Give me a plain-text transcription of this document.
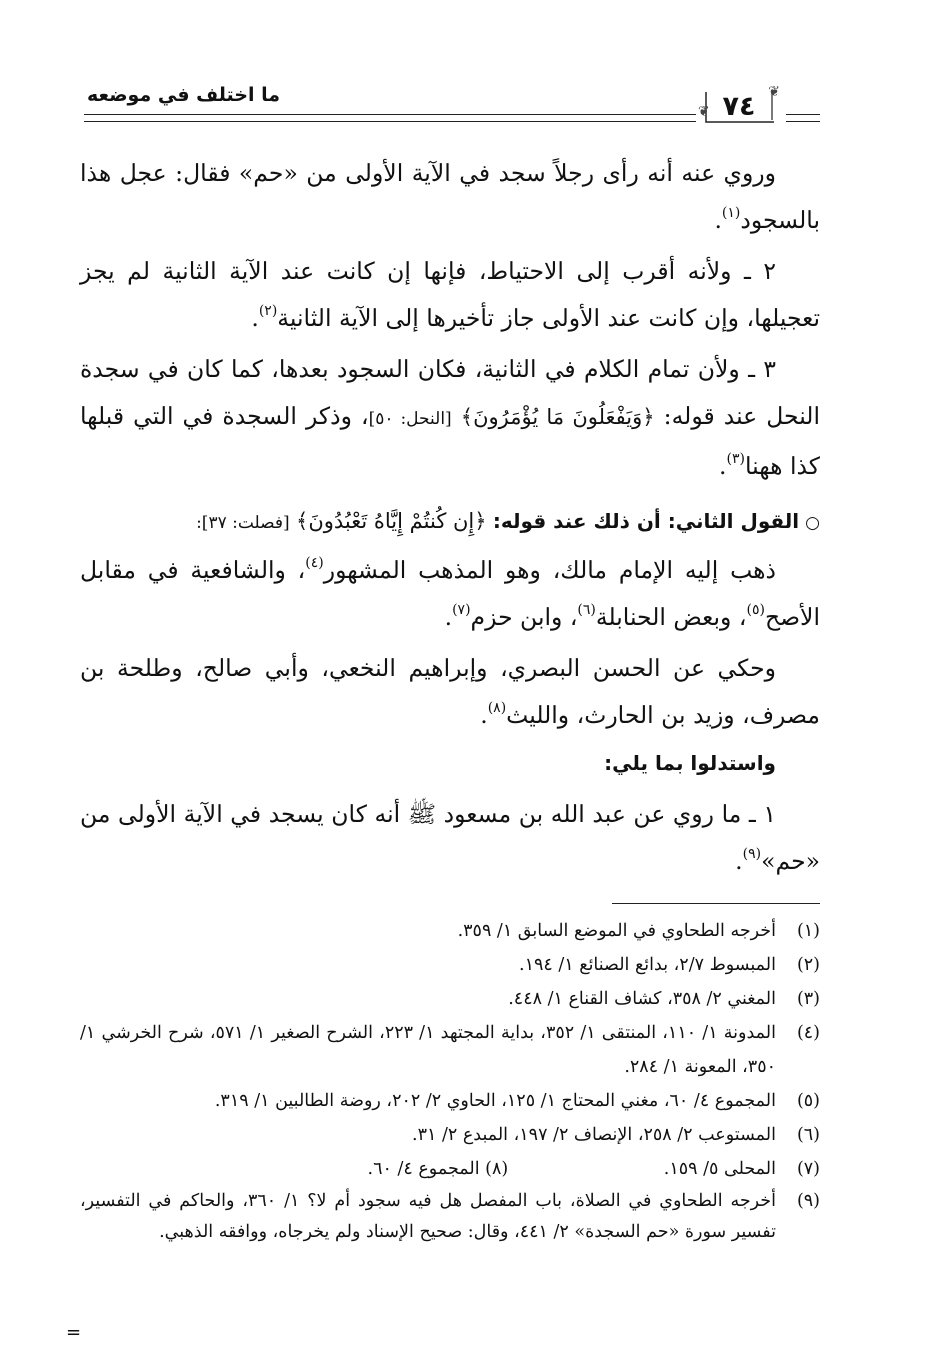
ما اختلف في موضعه	❦
❦ ٧٤

وروي عنه أنه رأى رجلاً سجد في الآية الأولى من «حم» فقال: عجل هذا بالسجود$^{(١)}$.

٢ ـ ولأنه أقرب إلى الاحتياط، فإنها إن كانت عند الآية الثانية لم يجز تعجيلها، وإن كانت عند الأولى جاز تأخيرها إلى الآية الثانية$^{(٢)}$.

٣ ـ ولأن تمام الكلام في الثانية، فكان السجود بعدها، كما كان في سجدة النحل عند قوله: ﴿وَيَفْعَلُونَ مَا يُؤْمَرُونَ﴾ [النحل: ٥٠]، وذكر السجدة في التي قبلها كذا ههنا$^{(٣)}$.

○القول الثاني: أن ذلك عند قوله: ﴿إِن كُنتُمْ إِيَّاهُ تَعْبُدُونَ﴾ [فصلت: ٣٧]:

ذهب إليه الإمام مالك، وهو المذهب المشهور$^{(٤)}$، والشافعية في مقابل الأصح$^{(٥)}$، وبعض الحنابلة$^{(٦)}$، وابن حزم$^{(٧)}$.

وحكي عن الحسن البصري، وإبراهيم النخعي، وأبي صالح، وطلحة بن مصرف، وزيد بن الحارث، والليث$^{(٨)}$.

واستدلوا بما يلي:

١ ـ ما روي عن عبد الله بن مسعود ﷺ أنه كان يسجد في الآية الأولى من «حم»$^{(٩)}$.

(١)
أخرجه الطحاوي في الموضع السابق ١/ ٣٥٩.
(٢)
المبسوط ٢/٧، بدائع الصنائع ١/ ١٩٤.
(٣)
المغني ٢/ ٣٥٨، كشاف القناع ١/ ٤٤٨.
(٤)
المدونة ١/ ١١٠، المنتقى ١/ ٣٥٢، بداية المجتهد ١/ ٢٢٣، الشرح الصغير ١/ ٥٧١، شرح الخرشي ١/ ٣٥٠، المعونة ١/ ٢٨٤.
(٥)
المجموع ٤/ ٦٠، مغني المحتاج ١/ ١٢٥، الحاوي ٢/ ٢٠٢، روضة الطالبين ١/ ٣١٩.
(٦)
المستوعب ٢/ ٢٥٨، الإنصاف ٢/ ١٩٧، المبدع ٢/ ٣١.
(٧)
المحلى ٥/ ١٥٩. (٨) المجموع ٤/ ٦٠.
(٩)
أخرجه الطحاوي في الصلاة، باب المفصل هل فيه سجود أم لا؟ ١/ ٣٦٠، والحاكم في التفسير، تفسير سورة «حم السجدة» ٢/ ٤٤١، وقال: صحيح الإسناد ولم يخرجاه، ووافقه الذهبي.
=
